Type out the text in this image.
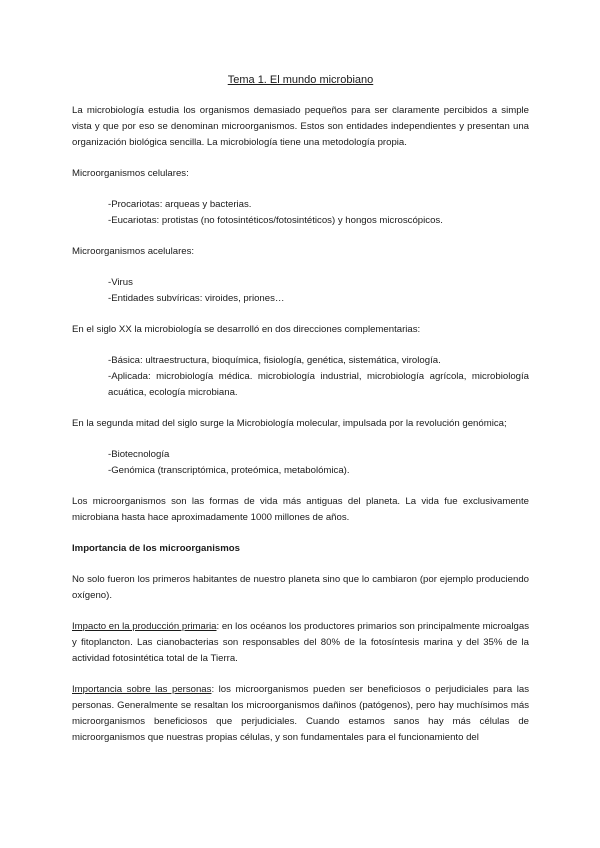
Tema 1. El mundo microbiano

La microbiología estudia los organismos demasiado pequeños para ser claramente percibidos a simple vista y que por eso se denominan microorganismos. Estos son entidades independientes y presentan una organización biológica sencilla. La microbiología tiene una metodología propia.

Microorganismos celulares:

-Procariotas: arqueas y bacterias.
-Eucariotas: protistas (no fotosintéticos/fotosintéticos) y hongos microscópicos.

Microorganismos acelulares:

-Virus
-Entidades subvíricas: viroides, priones…

En el siglo XX la microbiología se desarrolló en dos direcciones complementarias:

-Básica: ultraestructura, bioquímica, fisiología, genética, sistemática, virología.
-Aplicada: microbiología médica. microbiología industrial, microbiología agrícola, microbiología acuática, ecología microbiana.

En la segunda mitad del siglo surge la Microbiología molecular, impulsada por la revolución genómica;

-Biotecnología
-Genómica (transcriptómica, proteómica, metabolómica).

Los microorganismos son las formas de vida más antiguas del planeta. La vida fue exclusivamente microbiana hasta hace aproximadamente 1000 millones de años.

Importancia de los microorganismos

No solo fueron los primeros habitantes de nuestro planeta sino que lo cambiaron (por ejemplo produciendo oxígeno).

Impacto en la producción primaria: en los océanos los productores primarios son principalmente microalgas y fitoplancton. Las cianobacterias son responsables del 80% de la fotosíntesis marina y del 35% de la actividad fotosintética total de la Tierra.

Importancia sobre las personas: los microorganismos pueden ser beneficiosos o perjudiciales para las personas. Generalmente se resaltan los microorganismos dañinos (patógenos), pero hay muchísimos más microorganismos beneficiosos que perjudiciales. Cuando estamos sanos hay más células de microorganismos que nuestras propias células, y son fundamentales para el funcionamiento del
